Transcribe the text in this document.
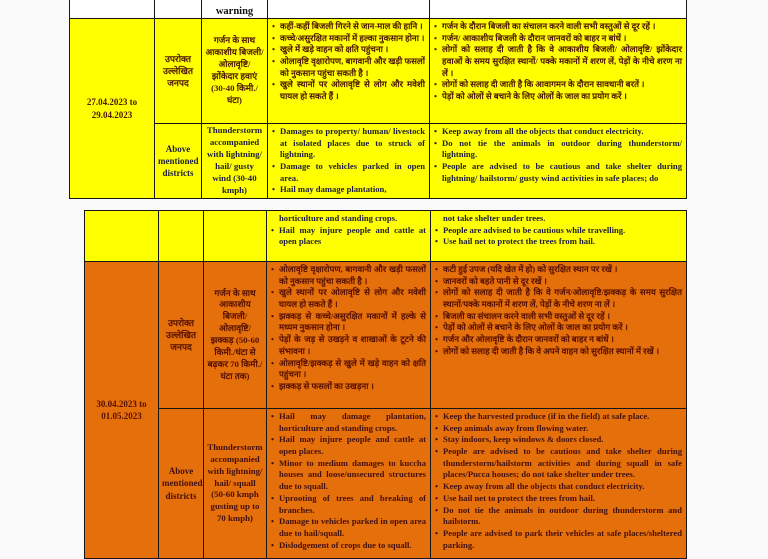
		warning		
27.04.2023 to 29.04.2023	उपरोक्त उल्लेखित जनपद	गर्जन के साथ आकाशीय बिजली/ ओलावृष्टि/ झोंकेदार हवाएं (30-40 किमी./घंटा)	
• कहीं-कहीं बिजली गिरने से जान-माल की हानि ।
• कच्चे/असुरक्षित मकानों में हल्का नुकसान होना ।
• खुले में खड़े वाहन को क्षति पहुंचना ।
• ओलावृष्टि वृक्षारोपण, बागवानी और खड़ी फसलों को नुकसान पहुंचा सकती है ।
• खुले स्थानों पर ओलावृष्टि से लोग और मवेशी घायल हो सकते हैं ।

• गर्जन के दौरान बिजली का संचालन करने वाली सभी वस्तुओं से दूर रहें ।
• गर्जन/ आकाशीय बिजली के दौरान जानवरों को बाहर न बांधें ।
• लोगों को सलाह दी जाती है कि वे आकाशीय बिजली/ ओलावृष्टि/ झोंकेदार हवाओं के समय सुरक्षित स्थानों/ पक्के मकानों में शरण लें, पेड़ों के नीचे शरण ना लें ।
• लोगों को सलाह दी जाती है कि आवागमन के दौरान सावधानी बरतें ।
• पेड़ों को ओलों से बचाने के लिए ओलों के जाल का प्रयोग करें ।

Above mentioned districts	Thunderstorm accompanied with lightning/ hail/ gusty wind (30-40 kmph)	
• Damages to property/ human/ livestock at isolated places due to struck of lightning.
• Damage to vehicles parked in open area.
• Hail may damage plantation,

• Keep away from all the objects that conduct electricity.
• Do not tie the animals in outdoor during thunderstorm/ lightning.
• People are advised to be cautious and take shelter during lightning/ hailstorm/ gusty wind activities in safe places; do

horticulture and standing crops.
• Hail may injure people and cattle at open places

not take shelter under trees.
• People are advised to be cautious while travelling.
• Use hail net to protect the trees from hail.

30.04.2023 to 01.05.2023	उपरोक्त उल्लेखित जनपद	गर्जन के साथ आकाशीय बिजली/ ओलावृष्टि/ झक्कड़ (50-60 किमी./घंटा से बढ़कर 70 किमी./घंटा तक)	
• ओलावृष्टि वृक्षारोपण, बागवानी और खड़ी फसलों को नुकसान पहुंचा सकती है ।
• खुले स्थानों पर ओलावृष्टि से लोग और मवेशी घायल हो सकते हैं ।
• झक्कड़ से कच्चे/असुरक्षित मकानों में हल्के से मध्यम नुकसान होना ।
• पेड़ों के जड़ से उखड़ने व शाखाओं के टूटने की संभावना ।
• ओलावृष्टि/झक्कड़ से खुले में खड़े वाहन को क्षति पहुंचना ।
• झक्कड़ से फसलों का उखड़ना ।

• कटी हुई उपज (यदि खेत में हो) को सुरक्षित स्थान पर रखें ।
• जानवरों को बहते पानी से दूर रखें ।
• लोगों को सलाह दी जाती है कि वे गर्जन/ओलावृष्टि/झक्कड़ के समय सुरक्षित स्थानों/पक्के मकानों में शरण लें, पेड़ों के नीचे शरण ना लें ।
• बिजली का संचालन करने वाली सभी वस्तुओं से दूर रहें ।
• पेड़ों को ओलों से बचाने के लिए ओलों के जाल का प्रयोग करें ।
• गर्जन और ओलावृष्टि के दौरान जानवरों को बाहर न बांधें ।
• लोगों को सलाह दी जाती है कि वे अपने वाहन को सुरक्षित स्थानों में रखें ।

Above mentioned districts	Thunderstorm accompanied with lightning/ hail/ squall (50-60 kmph gusting up to 70 kmph)	
• Hail may damage plantation, horticulture and standing crops.
• Hail may injure people and cattle at open places.
• Minor to medium damages to kuccha houses and loose/unsecured structures due to squall.
• Uprooting of trees and breaking of branches.
• Damage to vehicles parked in open area due to hail/squall.
• Dislodgement of crops due to squall.

• Keep the harvested produce (if in the field) at safe place.
• Keep animals away from flowing water.
• Stay indoors, keep windows & doors closed.
• People are advised to be cautious and take shelter during thunderstorm/hailstorm activities and during squall in safe places/Pucca houses; do not take shelter under trees.
• Keep away from all the objects that conduct electricity.
• Use hail net to protect the trees from hail.
• Do not tie the animals in outdoor during thunderstorm and hailstorm.
• People are advised to park their vehicles at safe places/sheltered parking.
